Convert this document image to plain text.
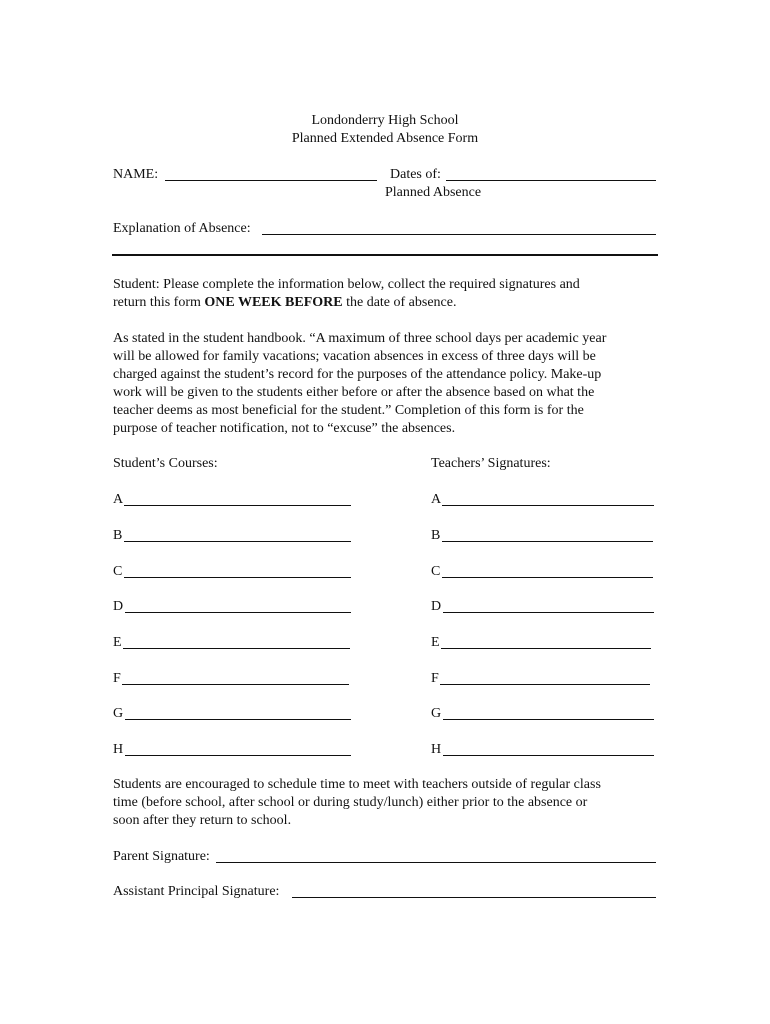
Londonderry High School
Planned Extended Absence Form
NAME:	Dates of:
Planned Absence
Explanation of Absence:
Student: Please complete the information below, collect the required signatures and
return this form ONE WEEK BEFORE the date of absence.
As stated in the student handbook. “A maximum of three school days per academic year
will be allowed for family vacations; vacation absences in excess of three days will be
charged against the student’s record for the purposes of the attendance policy. Make-up
work will be given to the students either before or after the absence based on what the
teacher deems as most beneficial for the student.” Completion of this form is for the
purpose of teacher notification, not to “excuse” the absences.
Student’s Courses:	Teachers’ Signatures:
A	A
B	B
C	C
D	D
E	E
F	F
G	G
H	H
Students are encouraged to schedule time to meet with teachers outside of regular class
time (before school, after school or during study/lunch) either prior to the absence or
soon after they return to school.
Parent Signature:
Assistant Principal Signature:
